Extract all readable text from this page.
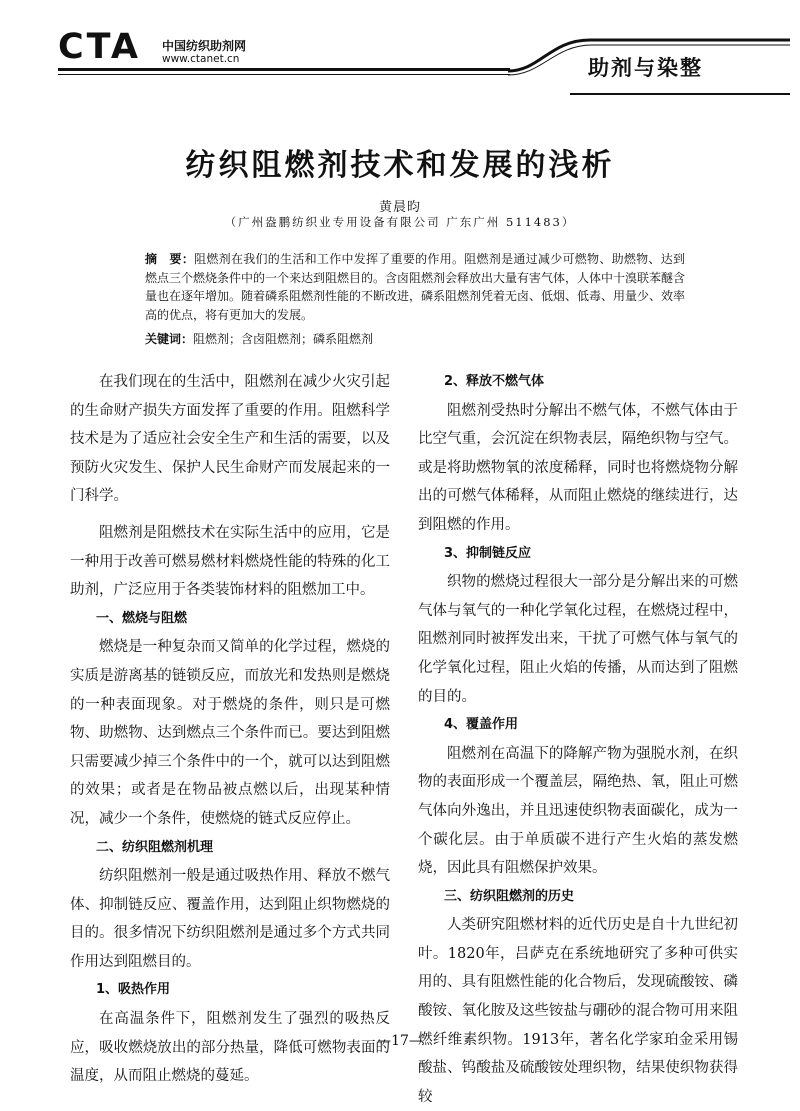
CTA 中国纺织助剂网
www.ctanet.cn	助剂与染整
纺织阻燃剂技术和发展的浅析
黄晨昀
（广州盎鹏纺织业专用设备有限公司 广东广州 511483）

摘　要：阻燃剂在我们的生活和工作中发挥了重要的作用。阻燃剂是通过减少可燃物、助燃物、达到燃点三个燃烧条件中的一个来达到阻燃目的。含卤阻燃剂会释放出大量有害气体，人体中十溴联苯醚含量也在逐年增加。随着磷系阻燃剂性能的不断改进，磷系阻燃剂凭着无卤、低烟、低毒、用量少、效率高的优点，将有更加大的发展。

关键词：阻燃剂；含卤阻燃剂；磷系阻燃剂

在我们现在的生活中，阻燃剂在减少火灾引起的生命财产损失方面发挥了重要的作用。阻燃科学技术是为了适应社会安全生产和生活的需要，以及预防火灾发生、保护人民生命财产而发展起来的一门科学。

阻燃剂是阻燃技术在实际生活中的应用，它是一种用于改善可燃易燃材料燃烧性能的特殊的化工助剂，广泛应用于各类装饰材料的阻燃加工中。

一、燃烧与阻燃

燃烧是一种复杂而又简单的化学过程，燃烧的实质是游离基的链锁反应，而放光和发热则是燃烧的一种表面现象。对于燃烧的条件，则只是可燃物、助燃物、达到燃点三个条件而已。要达到阻燃只需要减少掉三个条件中的一个，就可以达到阻燃的效果；或者是在物品被点燃以后，出现某种情况，减少一个条件，使燃烧的链式反应停止。

二、纺织阻燃剂机理

纺织阻燃剂一般是通过吸热作用、释放不燃气体、抑制链反应、覆盖作用，达到阻止织物燃烧的目的。很多情况下纺织阻燃剂是通过多个方式共同作用达到阻燃目的。

1、吸热作用

在高温条件下，阻燃剂发生了强烈的吸热反应，吸收燃烧放出的部分热量，降低可燃物表面的温度，从而阻止燃烧的蔓延。

2、释放不燃气体

阻燃剂受热时分解出不燃气体，不燃气体由于比空气重，会沉淀在织物表层，隔绝织物与空气。或是将助燃物氧的浓度稀释，同时也将燃烧物分解出的可燃气体稀释，从而阻止燃烧的继续进行，达到阻燃的作用。

3、抑制链反应

织物的燃烧过程很大一部分是分解出来的可燃气体与氧气的一种化学氧化过程，在燃烧过程中，阻燃剂同时被挥发出来，干扰了可燃气体与氧气的化学氧化过程，阻止火焰的传播，从而达到了阻燃的目的。

4、覆盖作用

阻燃剂在高温下的降解产物为强脱水剂，在织物的表面形成一个覆盖层，隔绝热、氧，阻止可燃气体向外逸出，并且迅速使织物表面碳化，成为一个碳化层。由于单质碳不进行产生火焰的蒸发燃烧，因此具有阻燃保护效果。

三、纺织阻燃剂的历史

人类研究阻燃材料的近代历史是自十九世纪初叶。1820年，吕萨克在系统地研究了多种可供实用的、具有阻燃性能的化合物后，发现硫酸铵、磷酸铵、氧化胺及这些铵盐与硼砂的混合物可用来阻燃纤维素织物。1913年，著名化学家珀金采用锡酸盐、钨酸盐及硫酸铵处理织物，结果使织物获得较

—17—
